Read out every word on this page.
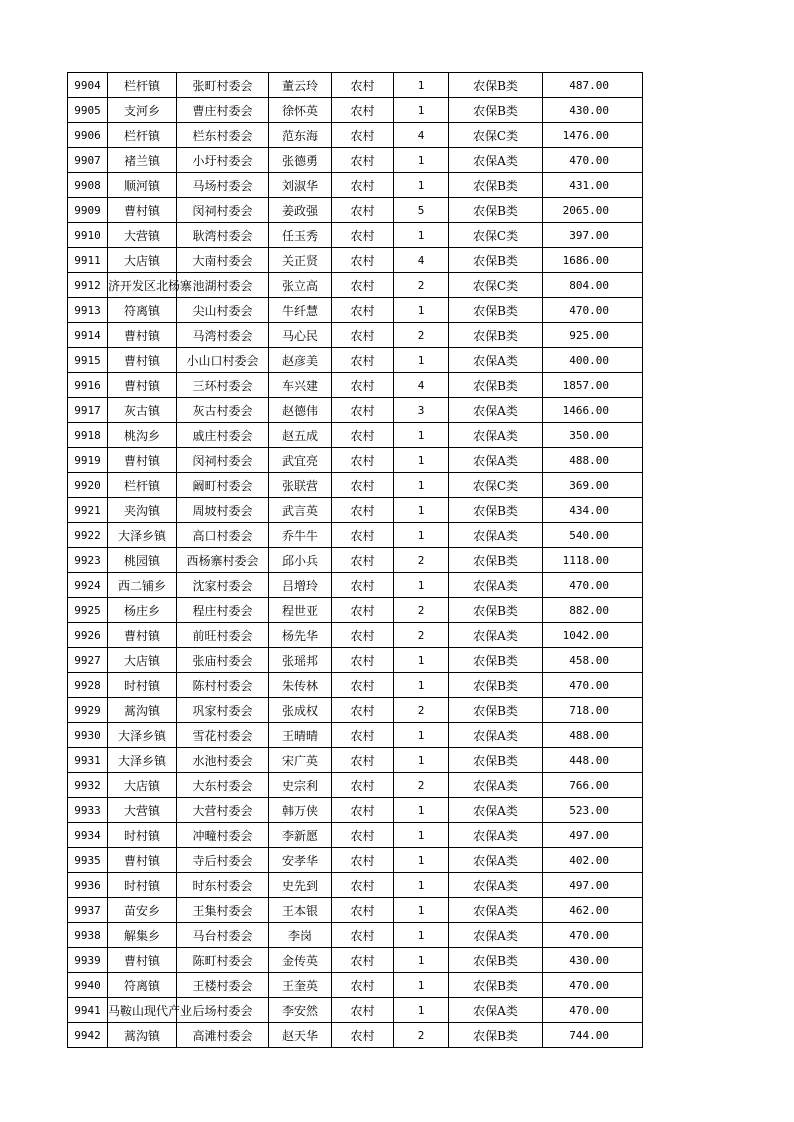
9904	栏杆镇	张町村委会	董云玲	农村	1	农保B类	487.00
9905	支河乡	曹庄村委会	徐怀英	农村	1	农保B类	430.00
9906	栏杆镇	栏东村委会	范东海	农村	4	农保C类	1476.00
9907	褚兰镇	小圩村委会	张德勇	农村	1	农保A类	470.00
9908	顺河镇	马场村委会	刘淑华	农村	1	农保B类	431.00
9909	曹村镇	闵祠村委会	姜政强	农村	5	农保B类	2065.00
9910	大营镇	耿湾村委会	任玉秀	农村	1	农保C类	397.00
9911	大店镇	大南村委会	关正贤	农村	4	农保B类	1686.00
9912	济开发区北杨寨	池湖村委会	张立高	农村	2	农保C类	804.00
9913	符离镇	尖山村委会	牛纤慧	农村	1	农保B类	470.00
9914	曹村镇	马湾村委会	马心民	农村	2	农保B类	925.00
9915	曹村镇	小山口村委会	赵彦美	农村	1	农保A类	400.00
9916	曹村镇	三环村委会	车兴建	农村	4	农保B类	1857.00
9917	灰古镇	灰古村委会	赵德伟	农村	3	农保A类	1466.00
9918	桃沟乡	戚庄村委会	赵五成	农村	1	农保A类	350.00
9919	曹村镇	闵祠村委会	武宜亮	农村	1	农保A类	488.00
9920	栏杆镇	阚町村委会	张联营	农村	1	农保C类	369.00
9921	夹沟镇	周坡村委会	武言英	农村	1	农保B类	434.00
9922	大泽乡镇	高口村委会	乔牛牛	农村	1	农保A类	540.00
9923	桃园镇	西杨寨村委会	邱小兵	农村	2	农保B类	1118.00
9924	西二铺乡	沈家村委会	吕增玲	农村	1	农保A类	470.00
9925	杨庄乡	程庄村委会	程世亚	农村	2	农保B类	882.00
9926	曹村镇	前旺村委会	杨先华	农村	2	农保A类	1042.00
9927	大店镇	张庙村委会	张瑶邦	农村	1	农保B类	458.00
9928	时村镇	陈村村委会	朱传林	农村	1	农保B类	470.00
9929	蒿沟镇	巩家村委会	张成权	农村	2	农保B类	718.00
9930	大泽乡镇	雪花村委会	王晴晴	农村	1	农保A类	488.00
9931	大泽乡镇	水池村委会	宋广英	农村	1	农保B类	448.00
9932	大店镇	大东村委会	史宗利	农村	2	农保A类	766.00
9933	大营镇	大营村委会	韩万侠	农村	1	农保A类	523.00
9934	时村镇	冲疃村委会	李新愿	农村	1	农保A类	497.00
9935	曹村镇	寺后村委会	安孝华	农村	1	农保A类	402.00
9936	时村镇	时东村委会	史先到	农村	1	农保A类	497.00
9937	苗安乡	王集村委会	王本银	农村	1	农保A类	462.00
9938	解集乡	马台村委会	李岗	农村	1	农保A类	470.00
9939	曹村镇	陈町村委会	金传英	农村	1	农保B类	430.00
9940	符离镇	王楼村委会	王奎英	农村	1	农保B类	470.00
9941	马鞍山现代产业	后场村委会	李安然	农村	1	农保A类	470.00
9942	蒿沟镇	高滩村委会	赵天华	农村	2	农保B类	744.00
